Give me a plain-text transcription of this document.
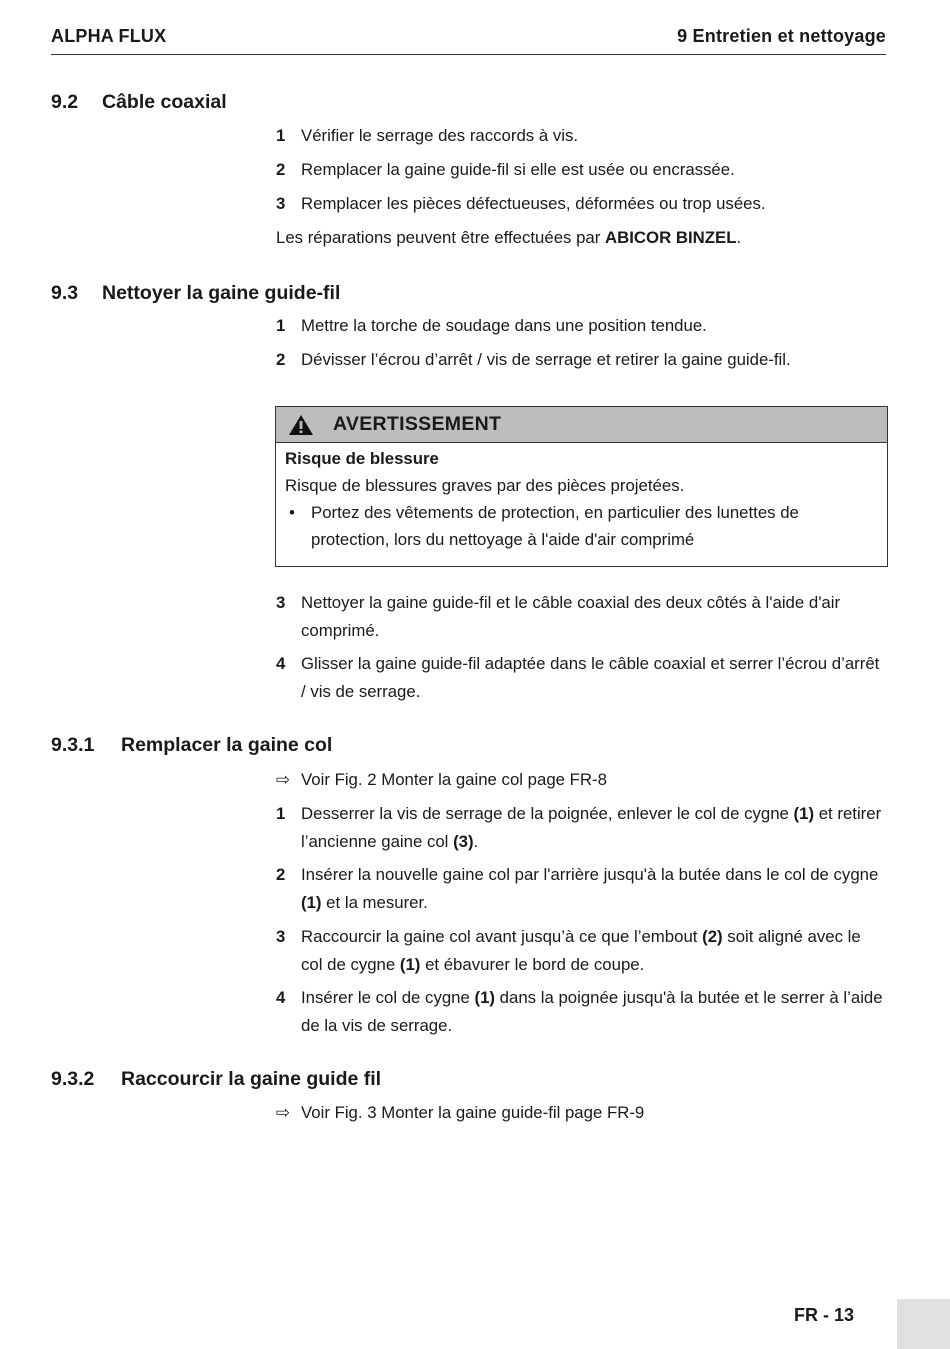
ALPHA FLUX	9 Entretien et nettoyage
9.2 Câble coaxial
1 Vérifier le serrage des raccords à vis.
2 Remplacer la gaine guide-fil si elle est usée ou encrassée.
3 Remplacer les pièces défectueuses, déformées ou trop usées.
Les réparations peuvent être effectuées par ABICOR BINZEL.
9.3 Nettoyer la gaine guide-fil
1 Mettre la torche de soudage dans une position tendue.
2 Dévisser l’écrou d’arrêt / vis de serrage et retirer la gaine guide-fil.
AVERTISSEMENT
Risque de blessure
Risque de blessures graves par des pièces projetées.
• Portez des vêtements de protection, en particulier des lunettes de protection, lors du nettoyage à l'aide d'air comprimé
3 Nettoyer la gaine guide-fil et le câble coaxial des deux côtés à l'aide d'air comprimé.
4 Glisser la gaine guide-fil adaptée dans le câble coaxial et serrer l’écrou d’arrêt / vis de serrage.
9.3.1 Remplacer la gaine col
⇨ Voir Fig. 2 Monter la gaine col page FR-8
1 Desserrer la vis de serrage de la poignée, enlever le col de cygne (1) et retirer l’ancienne gaine col (3).
2 Insérer la nouvelle gaine col par l'arrière jusqu'à la butée dans le col de cygne (1) et la mesurer.
3 Raccourcir la gaine col avant jusqu’à ce que l’embout (2) soit aligné avec le col de cygne (1) et ébavurer le bord de coupe.
4 Insérer le col de cygne (1) dans la poignée jusqu'à la butée et le serrer à l’aide de la vis de serrage.
9.3.2 Raccourcir la gaine guide fil
⇨ Voir Fig. 3 Monter la gaine guide-fil page FR-9
FR - 13
